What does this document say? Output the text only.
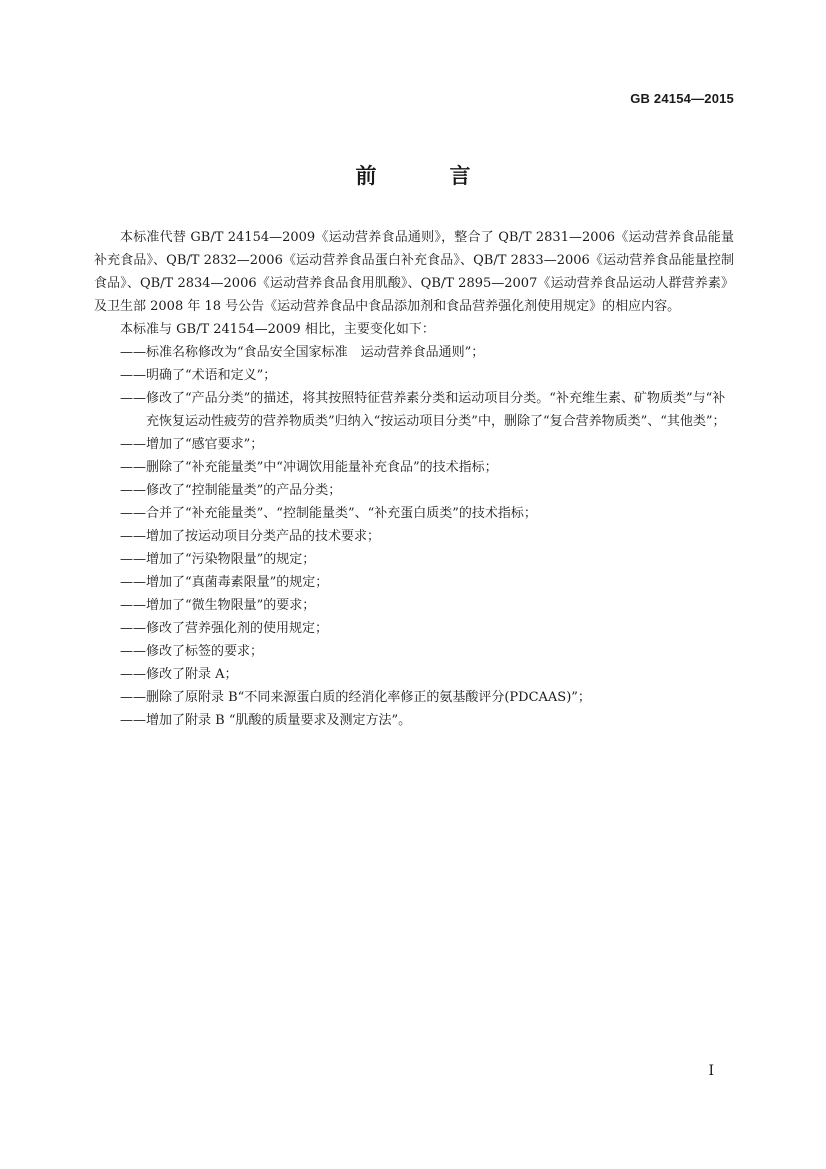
GB 24154—2015
前　言

本标准代替 GB/T 24154—2009《运动营养食品通则》，整合了 QB/T 2831—2006《运动营养食品能量补充食品》、QB/T 2832—2006《运动营养食品蛋白补充食品》、QB/T 2833—2006《运动营养食品能量控制食品》、QB/T 2834—2006《运动营养食品食用肌酸》、QB/T 2895—2007《运动营养食品运动人群营养素》及卫生部 2008 年 18 号公告《运动营养食品中食品添加剂和食品营养强化剂使用规定》的相应内容。

本标准与 GB/T 24154—2009 相比，主要变化如下：

——标准名称修改为“食品安全国家标准　运动营养食品通则”；

——明确了“术语和定义”；

——修改了“产品分类”的描述，将其按照特征营养素分类和运动项目分类。“补充维生素、矿物质类”与“补充恢复运动性疲劳的营养物质类”归纳入“按运动项目分类”中，删除了“复合营养物质类”、“其他类”；

——增加了“感官要求”；

——删除了“补充能量类”中“冲调饮用能量补充食品”的技术指标；

——修改了“控制能量类”的产品分类；

——合并了“补充能量类”、“控制能量类”、“补充蛋白质类”的技术指标；

——增加了按运动项目分类产品的技术要求；

——增加了“污染物限量”的规定；

——增加了“真菌毒素限量”的规定；

——增加了“微生物限量”的要求；

——修改了营养强化剂的使用规定；

——修改了标签的要求；

——修改了附录 A；

——删除了原附录 B“不同来源蛋白质的经消化率修正的氨基酸评分(PDCAAS)”；

——增加了附录 B “肌酸的质量要求及测定方法”。

I
